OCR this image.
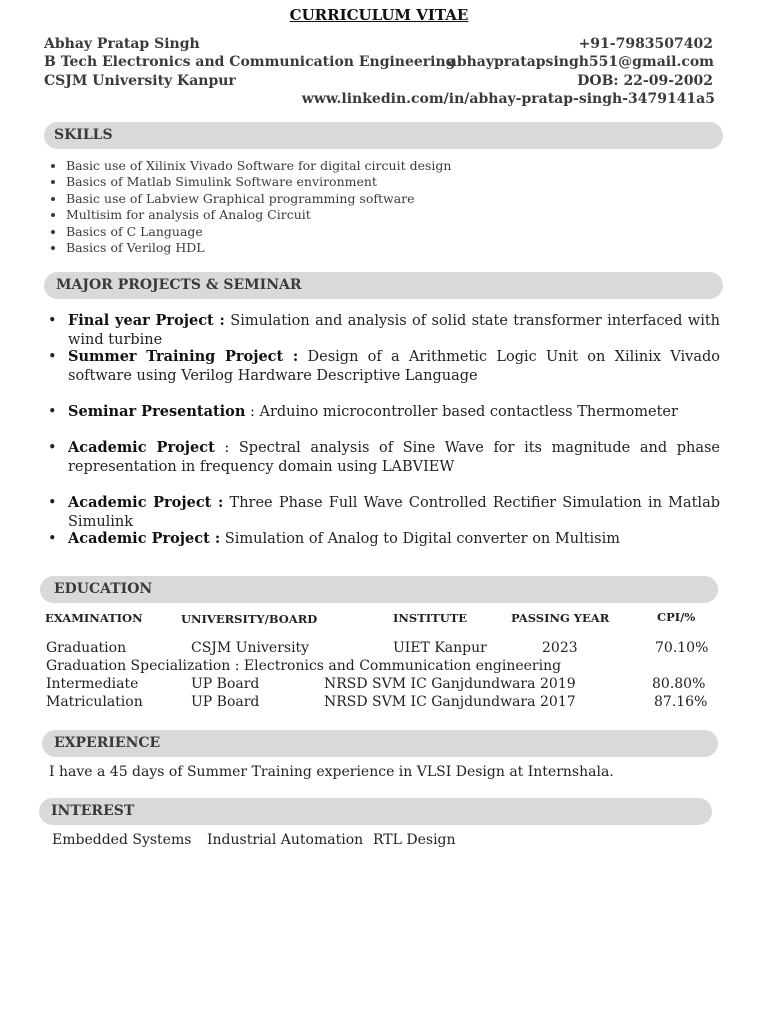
CURRICULUM VITAE
Abhay Pratap Singh
B Tech Electronics and Communication Engineering
CSJM University Kanpur
+91-7983507402
abhaypratapsingh551@gmail.com
DOB: 22-09-2002
www.linkedin.com/in/abhay-pratap-singh-3479141a5
SKILLS
• Basic use of Xilinix Vivado Software for digital circuit design
• Basics of Matlab Simulink Software environment
• Basic use of Labview Graphical programming software
• Multisim for analysis of Analog Circuit
• Basics of C Language
• Basics of Verilog HDL
MAJOR PROJECTS & SEMINAR
• Final year Project : Simulation and analysis of solid state transformer interfaced with wind turbine
• Summer Training Project : Design of a Arithmetic Logic Unit on Xilinix Vivado software using Verilog Hardware Descriptive Language
• Seminar Presentation : Arduino microcontroller based contactless Thermometer
• Academic Project : Spectral analysis of Sine Wave for its magnitude and phase representation in frequency domain using LABVIEW
• Academic Project : Three Phase Full Wave Controlled Rectifier Simulation in Matlab Simulink
• Academic Project : Simulation of Analog to Digital converter on Multisim
EDUCATION
EXAMINATION	UNIVERSITY/BOARD	INSTITUTE	PASSING YEAR	CPI/%
Graduation	CSJM University	UIET Kanpur	2023	70.10%
Graduation Specialization : Electronics and Communication engineering
Intermediate	UP Board	NRSD SVM IC Ganjdundwara 2019	80.80%
Matriculation	UP Board	NRSD SVM IC Ganjdundwara 2017	87.16%
EXPERIENCE
I have a 45 days of Summer Training experience in VLSI Design at Internshala.
INTEREST
Embedded Systems Industrial Automation RTL Design
